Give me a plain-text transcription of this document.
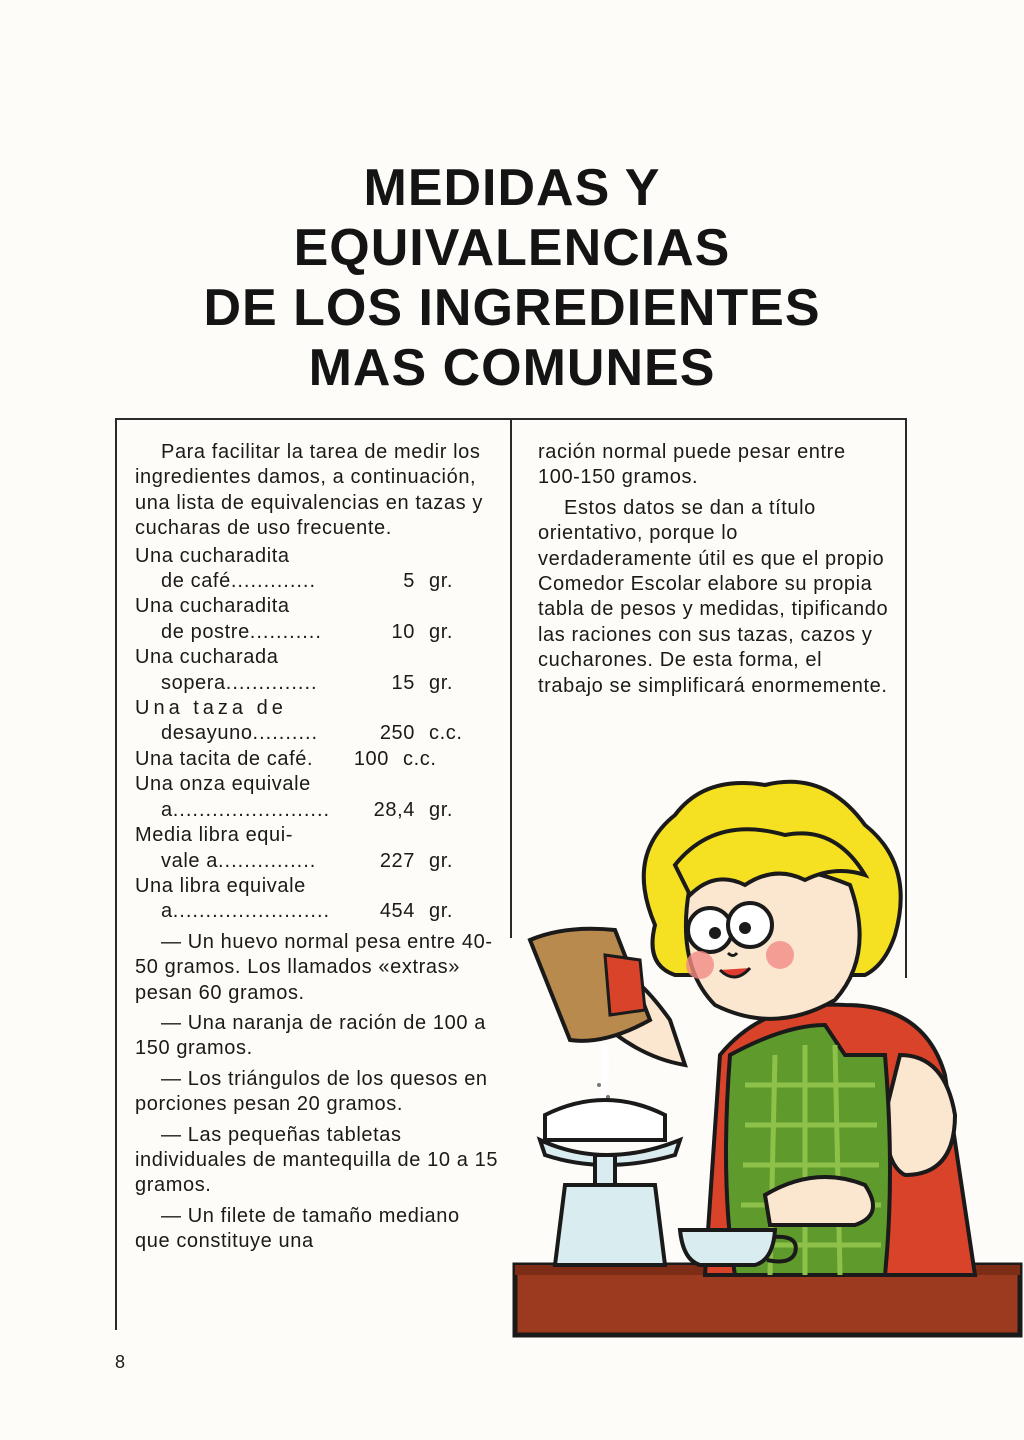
MEDIDAS Y
EQUIVALENCIAS
DE LOS INGREDIENTES
MAS COMUNES

Para facilitar la tarea de medir los ingredientes damos, a continuación, una lista de equivalencias en tazas y cucharas de uso frecuente.

Una cucharadita
de café.............	5 gr.
Una cucharadita
de postre...........	10 gr.
Una cucharada
sopera..............	15 gr.
Una taza de
desayuno..........	250 c.c.
Una tacita de café.	100 c.c.
Una onza equivale
a........................	28,4 gr.
Media libra equi-
vale a...............	227 gr.
Una libra equivale
a........................	454 gr.

— Un huevo normal pesa entre 40-50 gramos. Los llamados «extras» pesan 60 gramos.

— Una naranja de ración de 100 a 150 gramos.

— Los triángulos de los quesos en porciones pesan 20 gramos.

— Las pequeñas tabletas individuales de mantequilla de 10 a 15 gramos.

— Un filete de tamaño mediano que constituye una

ración normal puede pesar entre 100-150 gramos.

Estos datos se dan a título orientativo, porque lo verdaderamente útil es que el propio Comedor Escolar elabore su propia tabla de pesos y medidas, tipificando las raciones con sus tazas, cazos y cucharones. De esta forma, el trabajo se simplificará enormemente.

8
